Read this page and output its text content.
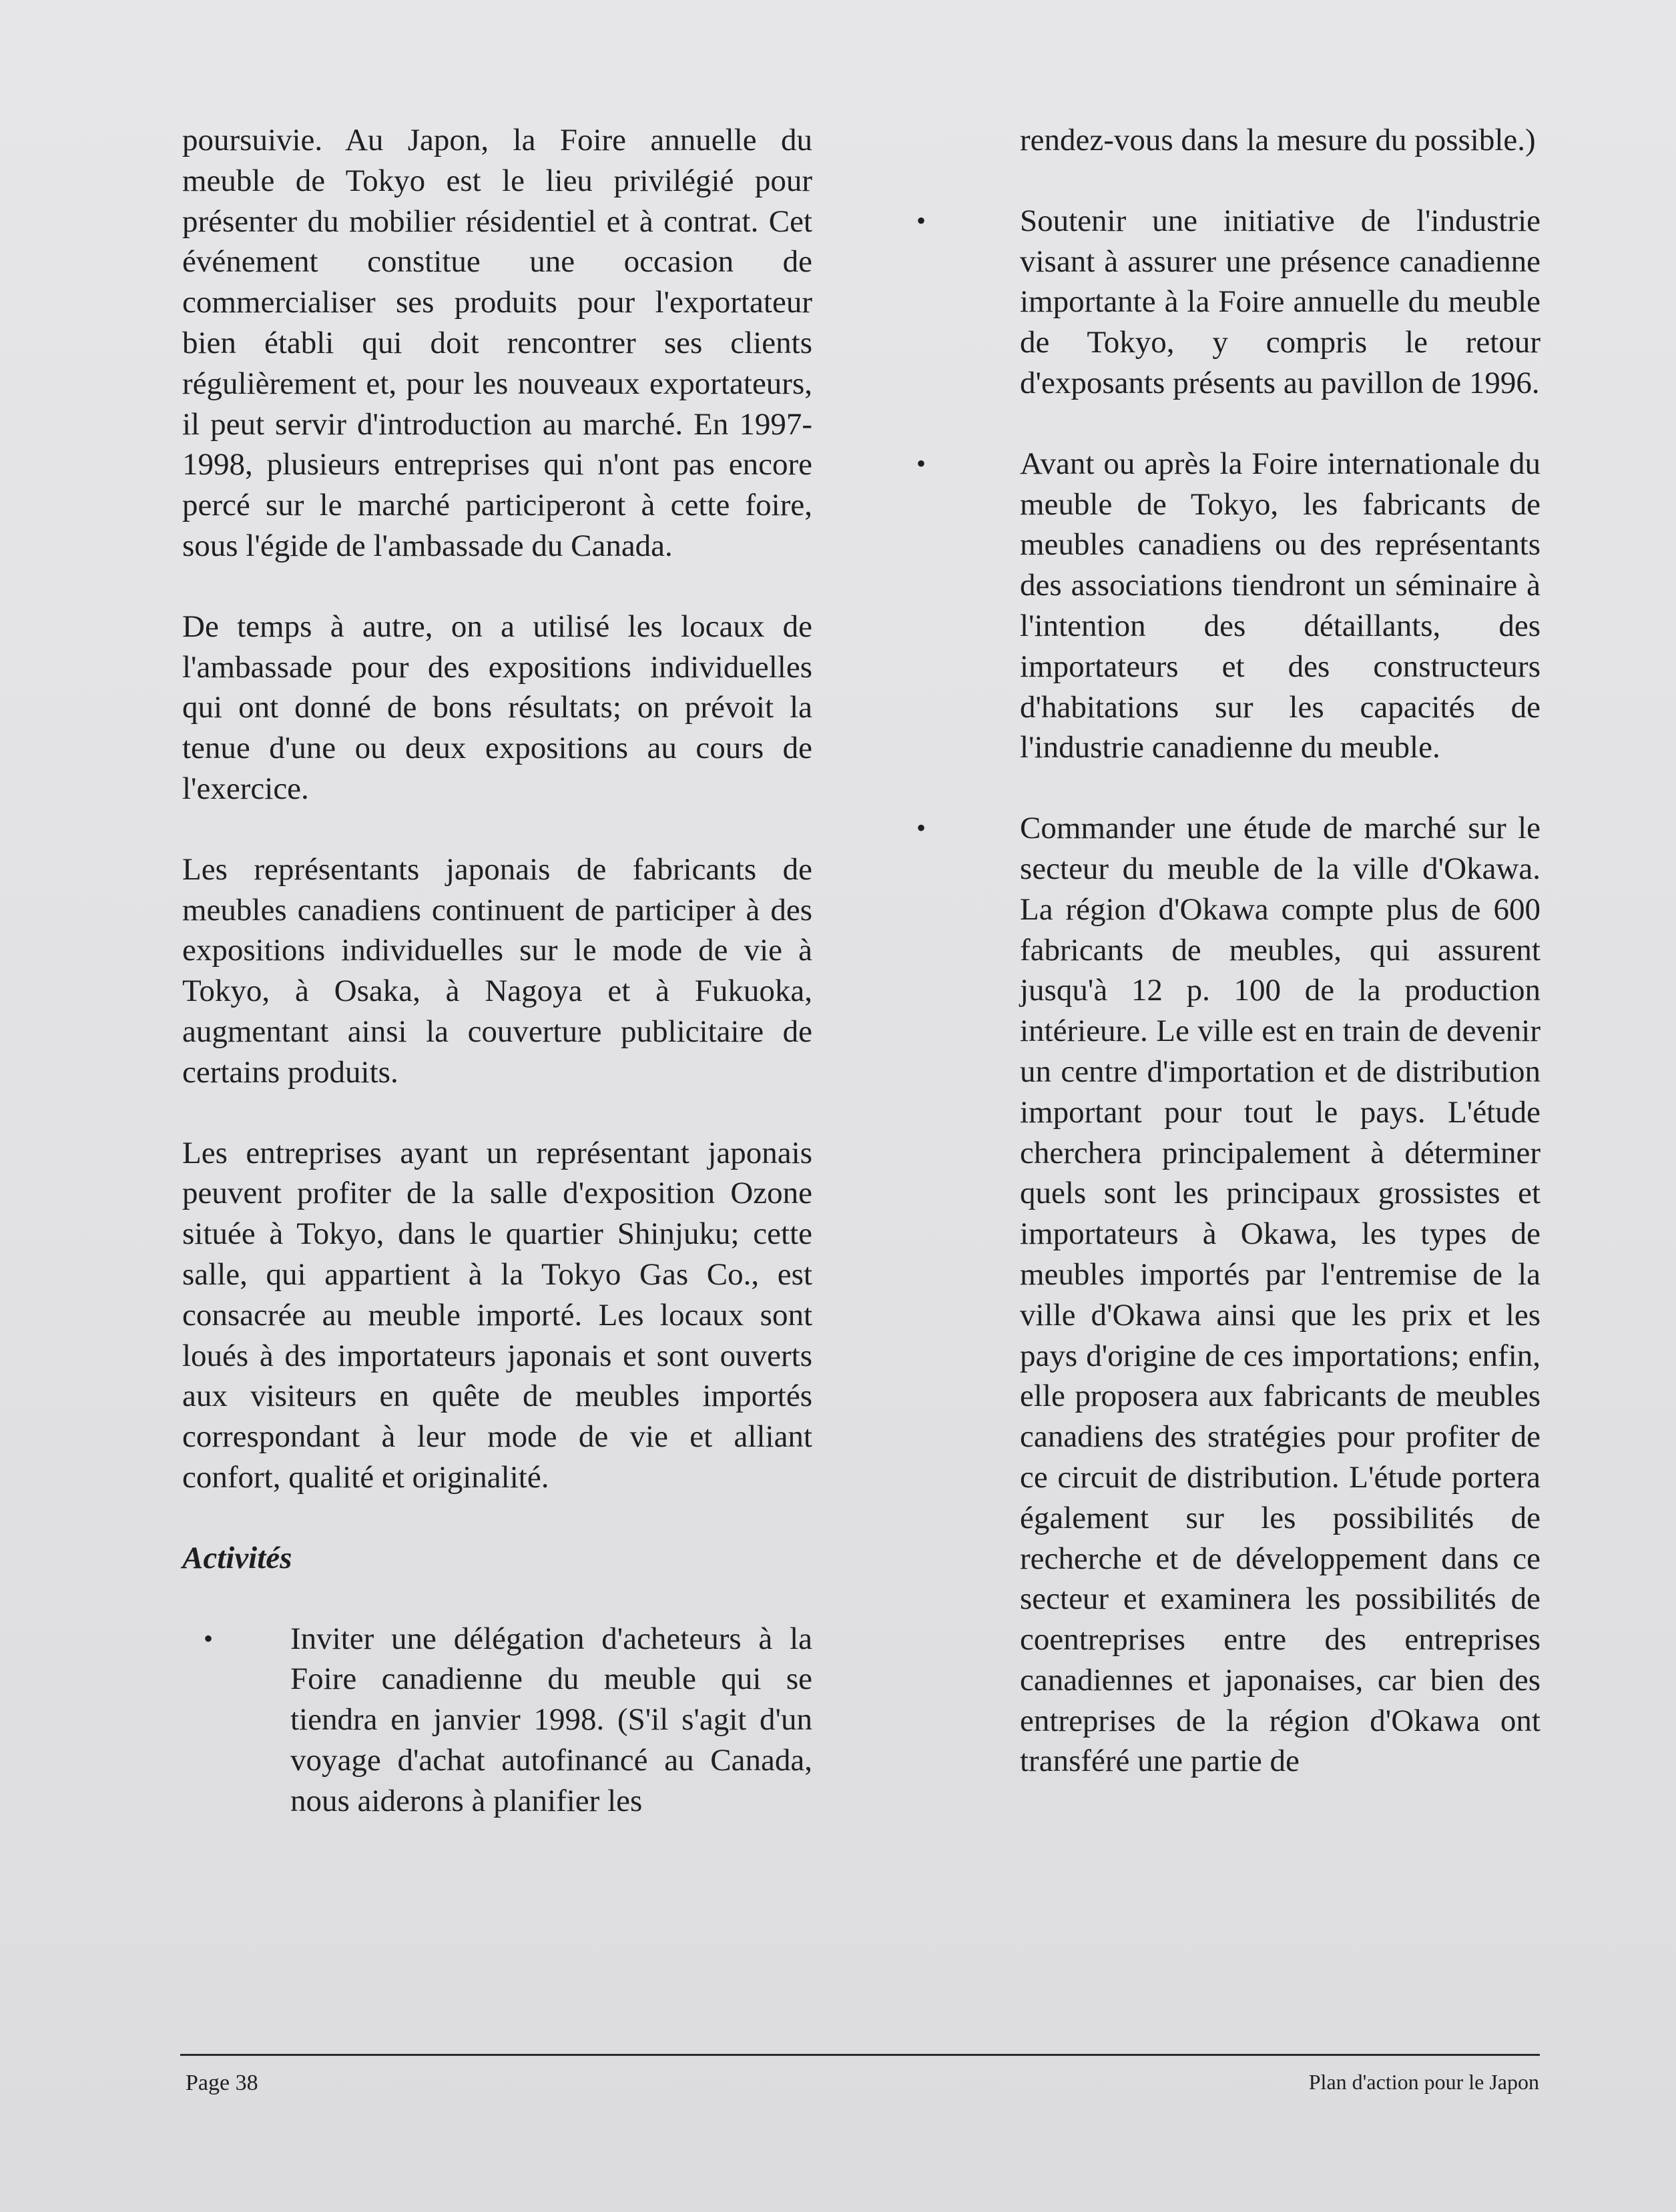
poursuivie. Au Japon, la Foire annuelle du meuble de Tokyo est le lieu privilégié pour présenter du mobilier résidentiel et à contrat. Cet événement constitue une occasion de commercialiser ses produits pour l'exportateur bien établi qui doit rencontrer ses clients régulièrement et, pour les nouveaux exportateurs, il peut servir d'introduction au marché. En 1997-1998, plusieurs entreprises qui n'ont pas encore percé sur le marché participeront à cette foire, sous l'égide de l'ambassade du Canada.

De temps à autre, on a utilisé les locaux de l'ambassade pour des expositions individuelles qui ont donné de bons résultats; on prévoit la tenue d'une ou deux expositions au cours de l'exercice.

Les représentants japonais de fabricants de meubles canadiens continuent de participer à des expositions individuelles sur le mode de vie à Tokyo, à Osaka, à Nagoya et à Fukuoka, augmentant ainsi la couverture publicitaire de certains produits.

Les entreprises ayant un représentant japonais peuvent profiter de la salle d'exposition Ozone située à Tokyo, dans le quartier Shinjuku; cette salle, qui appartient à la Tokyo Gas Co., est consacrée au meuble importé. Les locaux sont loués à des importateurs japonais et sont ouverts aux visiteurs en quête de meubles importés correspondant à leur mode de vie et alliant confort, qualité et originalité.

Activités

• Inviter une délégation d'acheteurs à la Foire canadienne du meuble qui se tiendra en janvier 1998. (S'il s'agit d'un voyage d'achat autofinancé au Canada, nous aiderons à planifier les

rendez-vous dans la mesure du possible.)

•	Soutenir une initiative de l'industrie visant à assurer une présence canadienne importante à la Foire annuelle du meuble de Tokyo, y compris le retour d'exposants présents au pavillon de 1996.
•	Avant ou après la Foire internationale du meuble de Tokyo, les fabricants de meubles canadiens ou des représentants des associations tiendront un séminaire à l'intention des détaillants, des importateurs et des constructeurs d'habitations sur les capacités de l'industrie canadienne du meuble.
•	Commander une étude de marché sur le secteur du meuble de la ville d'Okawa. La région d'Okawa compte plus de 600 fabricants de meubles, qui assurent jusqu'à 12 p. 100 de la production intérieure. Le ville est en train de devenir un centre d'importation et de distribution important pour tout le pays. L'étude cherchera principalement à déterminer quels sont les principaux grossistes et importateurs à Okawa, les types de meubles importés par l'entremise de la ville d'Okawa ainsi que les prix et les pays d'origine de ces importations; enfin, elle proposera aux fabricants de meubles canadiens des stratégies pour profiter de ce circuit de distribution. L'étude portera également sur les possibilités de recherche et de développement dans ce secteur et examinera les possibilités de coentreprises entre des entreprises canadiennes et japonaises, car bien des entreprises de la région d'Okawa ont transféré une partie de
Page 38	Plan d'action pour le Japon
